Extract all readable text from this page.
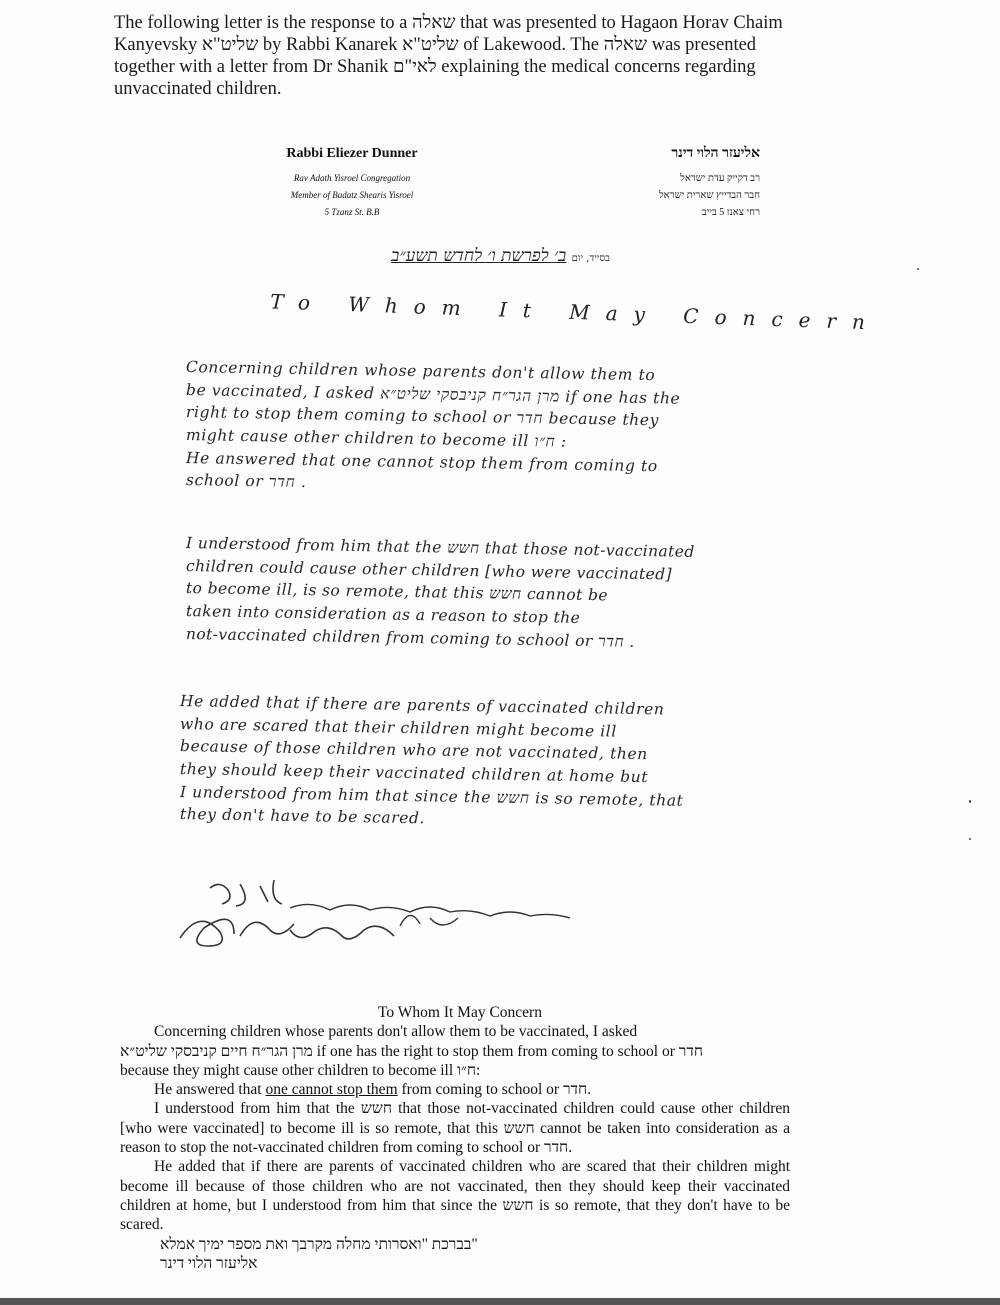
The following letter is the response to a שאלה that was presented to Hagaon Horav Chaim
Kanyevsky שליט"א by Rabbi Kanarek שליט"א of Lakewood. The שאלה was presented
together with a letter from Dr Shanik לאי"ם explaining the medical concerns regarding
unvaccinated children.
Rabbi Eliezer Dunner
Rav Adath Yisroel Congregation
Member of Badatz Shearis Yisroel
5 Tzanz St. B.B
אליעזר הלוי דינר
רב דקייק עדת ישראל
חבר הבדייץ שארית ישראל
רחי צאנז 5 בייב
בסייד, יום ב׳ לפרשת ו׳ לחדש תשע״ב
To Whom It May Concern
Concerning children whose parents don't allow them to
be vaccinated, I asked מרן הגר״ח קניבסקי שליט״א if one has the
right to stop them coming to school or חדר because they
might cause other children to become ill ח״ו :
He answered that one cannot stop them from coming to
school or חדר .
I understood from him that the חשש that those not-vaccinated
children could cause other children [who were vaccinated]
to become ill, is so remote, that this חשש cannot be
taken into consideration as a reason to stop the
not-vaccinated children from coming to school or חדר .
He added that if there are parents of vaccinated children
who are scared that their children might become ill
because of those children who are not vaccinated, then
they should keep their vaccinated children at home but
I understood from him that since the חשש is so remote, that
they don't have to be scared.
To Whom It May Concern
Concerning children whose parents don't allow them to be vaccinated, I asked
מרן הגר״ח חיים קניבסקי שליט״א if one has the right to stop them from coming to school or חדר
because they might cause other children to become ill ח״ו:
He answered that one cannot stop them from coming to school or חדר.
I understood from him that the חשש that those not-vaccinated children could cause other children [who were vaccinated] to become ill is so remote, that this חשש cannot be taken into consideration as a reason to stop the not-vaccinated children from coming to school or חדר.
He added that if there are parents of vaccinated children who are scared that their children might become ill because of those children who are not vaccinated, then they should keep their vaccinated children at home, but I understood from him that since the חשש is so remote, that they don't have to be scared.
בברכת "ואסרותי מחלה מקרבך ואת מספר ימיך אמלא"
אליעזר הלוי דינר
